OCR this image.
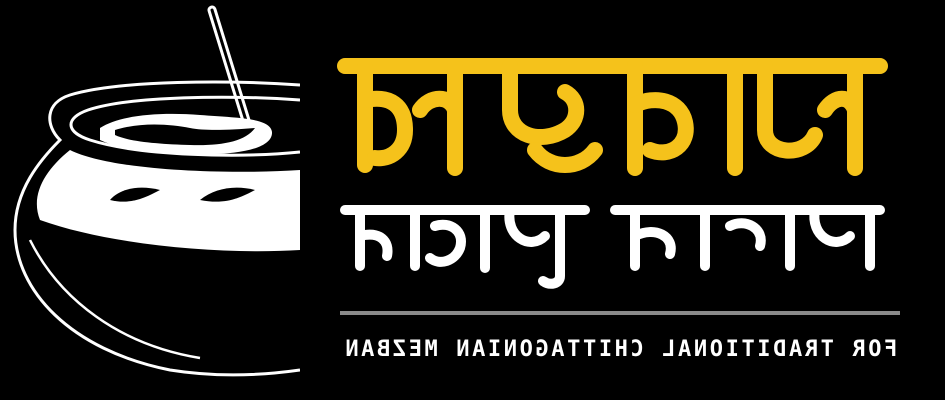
FOR TRADITIONAL CHITTAGONIAN MEZBAN
